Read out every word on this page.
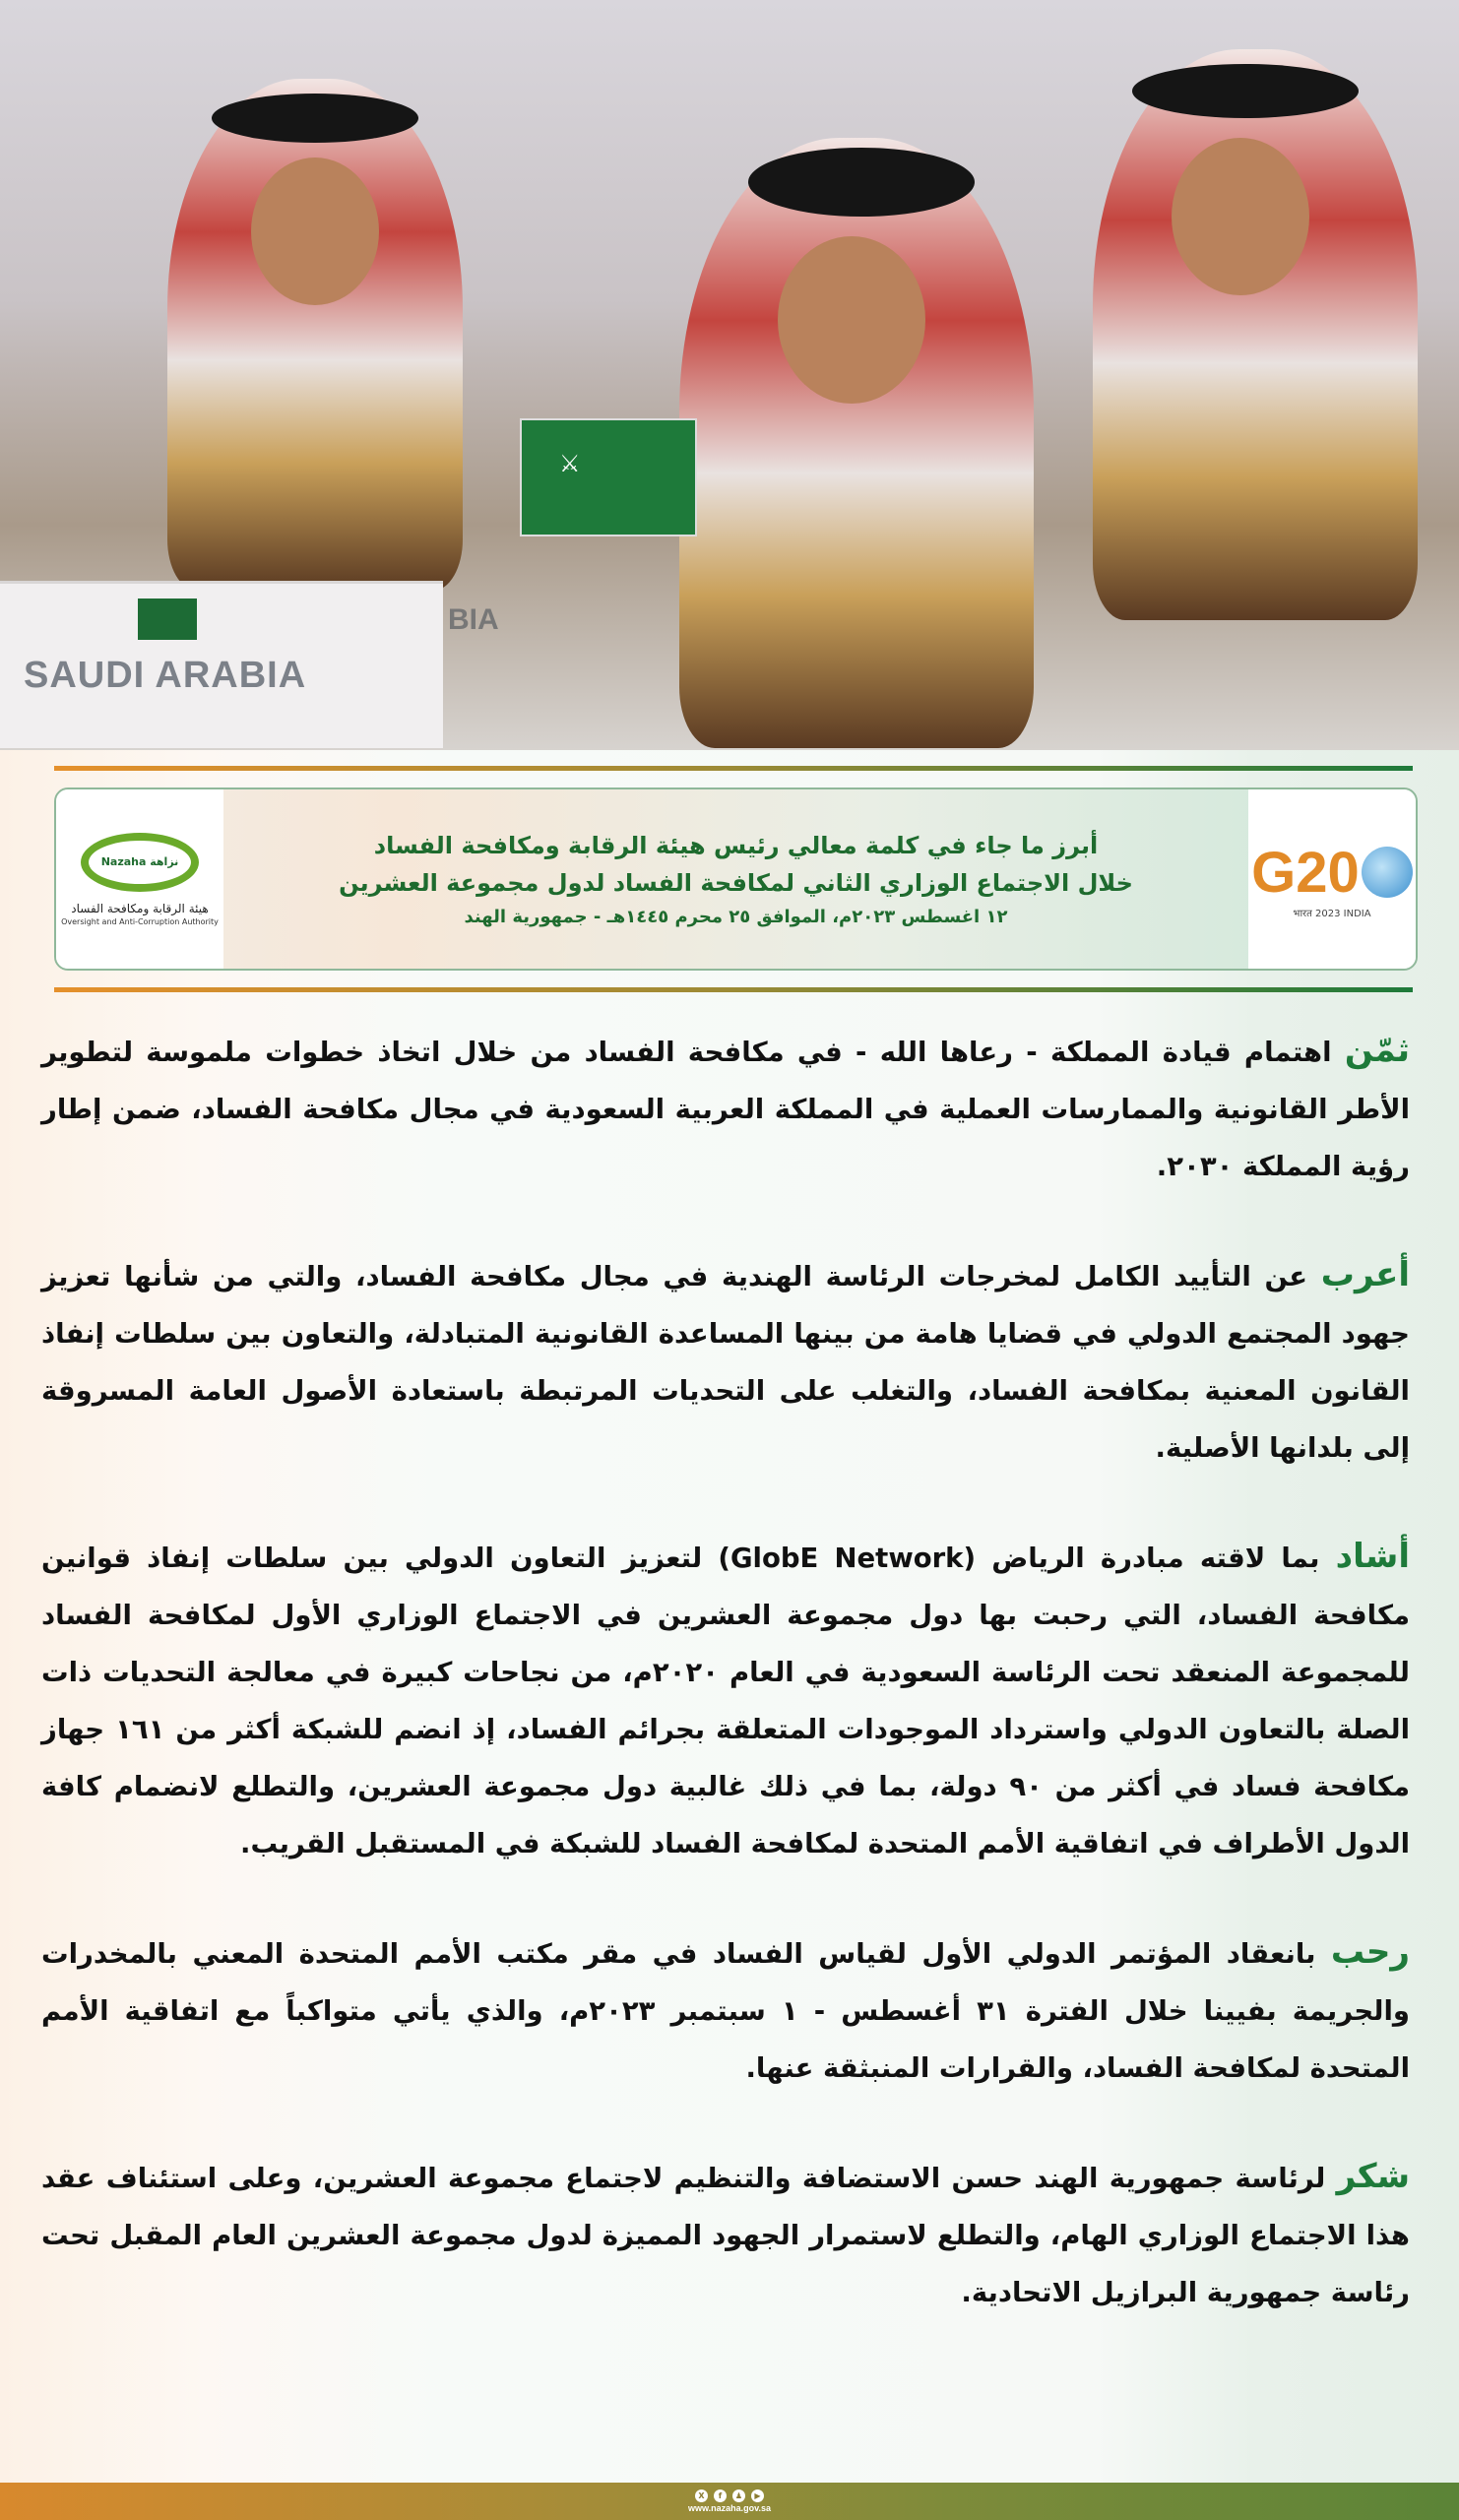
⚔
SAUDI ARABIA
BIA
Nazaha
نزاهة
هيئة الرقابة ومكافحة الفساد
Oversight and Anti-Corruption Authority
أبرز ما جاء في كلمة معالي رئيس هيئة الرقابة ومكافحة الفساد
خلال الاجتماع الوزاري الثاني لمكافحة الفساد لدول مجموعة العشرين
١٢ اغسطس ٢٠٢٣م، الموافق ٢٥ محرم ١٤٤٥هـ - جمهورية الهند
G20
भारत 2023 INDIA

ثمّن اهتمام قيادة المملكة - رعاها الله - في مكافحة الفساد من خلال اتخاذ خطوات ملموسة لتطوير الأطر القانونية والممارسات العملية في المملكة العربية السعودية في مجال مكافحة الفساد، ضمن إطار رؤية المملكة ٢٠٣٠.

أعرب عن التأييد الكامل لمخرجات الرئاسة الهندية في مجال مكافحة الفساد، والتي من شأنها تعزيز جهود المجتمع الدولي في قضايا هامة من بينها المساعدة القانونية المتبادلة، والتعاون بين سلطات إنفاذ القانون المعنية بمكافحة الفساد، والتغلب على التحديات المرتبطة باستعادة الأصول العامة المسروقة إلى بلدانها الأصلية.

أشاد بما لاقته مبادرة الرياض (GlobE Network) لتعزيز التعاون الدولي بين سلطات إنفاذ قوانين مكافحة الفساد، التي رحبت بها دول مجموعة العشرين في الاجتماع الوزاري الأول لمكافحة الفساد للمجموعة المنعقد تحت الرئاسة السعودية في العام ٢٠٢٠م، من نجاحات كبيرة في معالجة التحديات ذات الصلة بالتعاون الدولي واسترداد الموجودات المتعلقة بجرائم الفساد، إذ انضم للشبكة أكثر من ١٦١ جهاز مكافحة فساد في أكثر من ٩٠ دولة، بما في ذلك غالبية دول مجموعة العشرين، والتطلع لانضمام كافة الدول الأطراف في اتفاقية الأمم المتحدة لمكافحة الفساد للشبكة في المستقبل القريب.

رحب بانعقاد المؤتمر الدولي الأول لقياس الفساد في مقر مكتب الأمم المتحدة المعني بالمخدرات والجريمة بفيينا خلال الفترة ٣١ أغسطس - ١ سبتمبر ٢٠٢٣م، والذي يأتي متواكباً مع اتفاقية الأمم المتحدة لمكافحة الفساد، والقرارات المنبثقة عنها.

شكر لرئاسة جمهورية الهند حسن الاستضافة والتنظيم لاجتماع مجموعة العشرين، وعلى استئناف عقد هذا الاجتماع الوزاري الهام، والتطلع لاستمرار الجهود المميزة لدول مجموعة العشرين العام المقبل تحت رئاسة جمهورية البرازيل الاتحادية.

X	f	♟	▶
www.nazaha.gov.sa
